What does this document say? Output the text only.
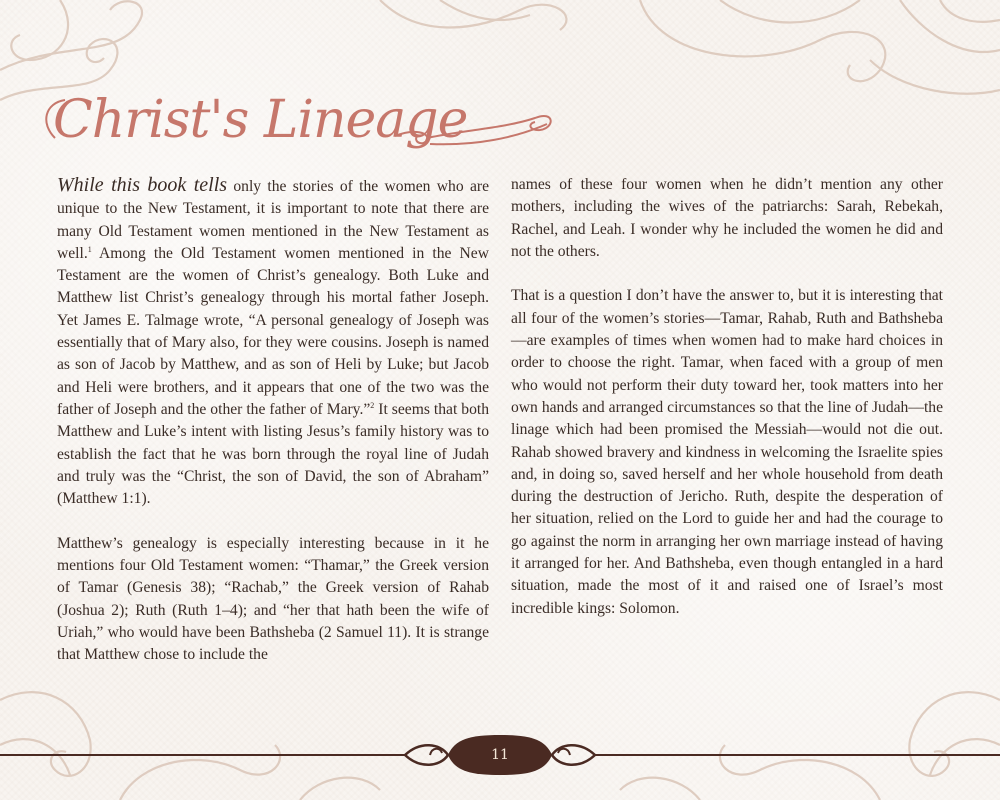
Christ's Lineage

While this book tells only the stories of the women who are unique to the New Testament, it is important to note that there are many Old Testament women mentioned in the New Testament as well.$^1$ Among the Old Testament women mentioned in the New Testament are the women of Christ’s genealogy. Both Luke and Matthew list Christ’s genealogy through his mortal father Joseph. Yet James E. Talmage wrote, “A personal genealogy of Joseph was essentially that of Mary also, for they were cousins. Joseph is named as son of Jacob by Matthew, and as son of Heli by Luke; but Jacob and Heli were brothers, and it appears that one of the two was the father of Joseph and the other the father of Mary.”$^2$ It seems that both Matthew and Luke’s intent with listing Jesus’s family history was to establish the fact that he was born through the royal line of Judah and truly was the “Christ, the son of David, the son of Abraham” (Matthew 1:1).

Matthew’s genealogy is especially interesting because in it he mentions four Old Testament women: “Thamar,” the Greek version of Tamar (Genesis 38); “Rachab,” the Greek version of Rahab (Joshua 2); Ruth (Ruth 1–4); and “her that hath been the wife of Uriah,” who would have been Bathsheba (2 Samuel 11). It is strange that Matthew chose to include the

names of these four women when he didn’t mention any other mothers, including the wives of the patriarchs: Sarah, Rebekah, Rachel, and Leah. I wonder why he included the women he did and not the others.

That is a question I don’t have the answer to, but it is interesting that all four of the women’s stories—Tamar, Rahab, Ruth and Bathsheba—are examples of times when women had to make hard choices in order to choose the right. Tamar, when faced with a group of men who would not perform their duty toward her, took matters into her own hands and arranged circumstances so that the line of Judah—the linage which had been promised the Messiah—would not die out. Rahab showed bravery and kindness in welcoming the Israelite spies and, in doing so, saved herself and her whole household from death during the destruction of Jericho. Ruth, despite the desperation of her situation, relied on the Lord to guide her and had the courage to go against the norm in arranging her own marriage instead of having it arranged for her. And Bathsheba, even though entangled in a hard situation, made the most of it and raised one of Israel’s most incredible kings: Solomon.

11
